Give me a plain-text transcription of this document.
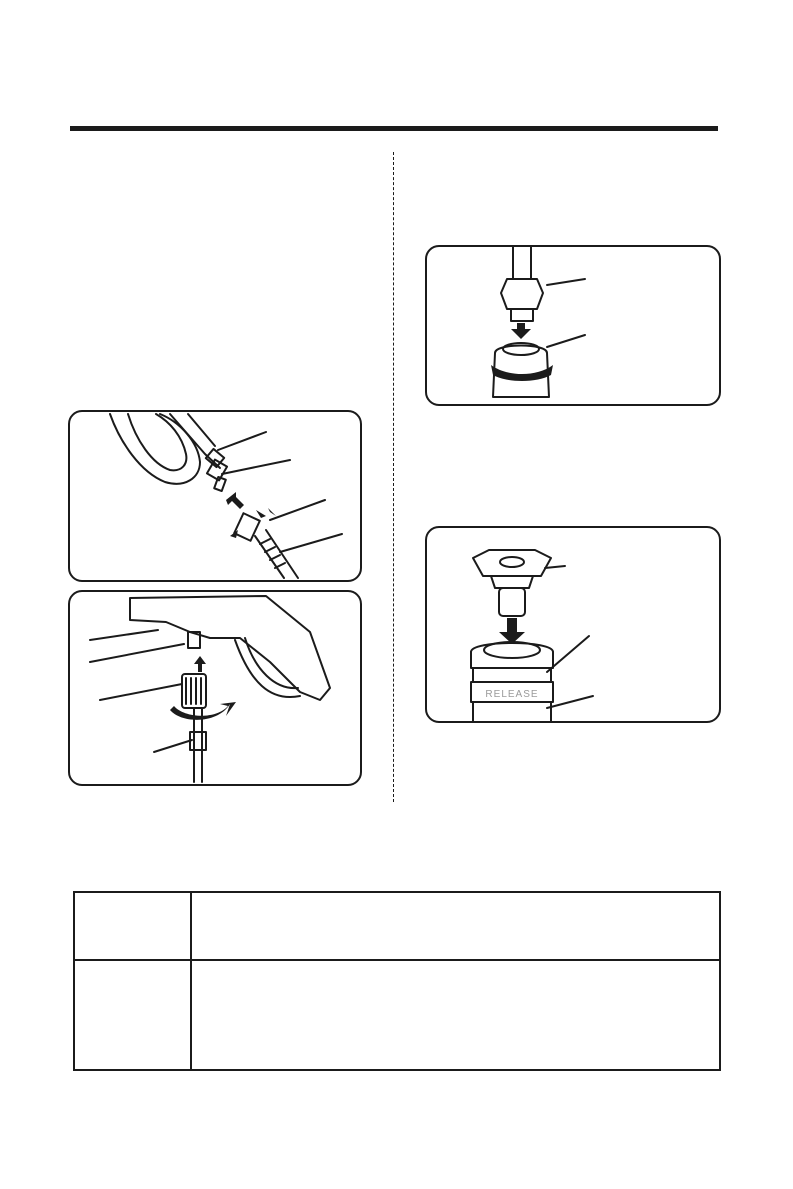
RELEASE
